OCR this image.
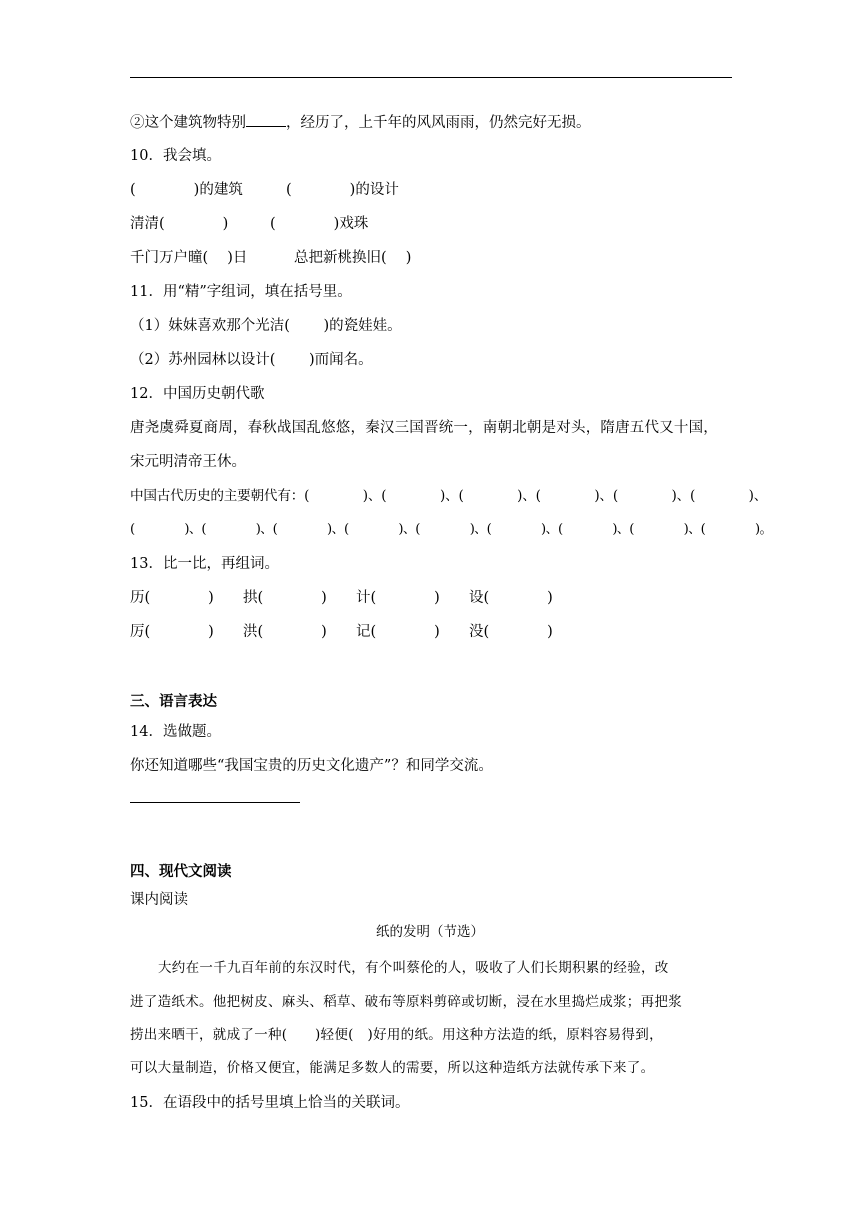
②这个建筑物特别	，经历了，上千年的风风雨雨，仍然完好无损。
10．我会填。
(　　　　)的建筑	(　　　　)的设计
清清(　　　　)	(　　　　)戏珠
千门万户曈(　 )日	总把新桃换旧(　 )
11．用“精”字组词，填在括号里。
（1）妹妹喜欢那个光洁(　　 )的瓷娃娃。
（2）苏州园林以设计(　　 )而闻名。
12．中国历史朝代歌
唐尧虞舜夏商周，春秋战国乱悠悠，秦汉三国晋统一，南朝北朝是对头，隋唐五代又十国，
宋元明清帝王休。
中国古代历史的主要朝代有：(　　　　)、(　　　　)、(　　　　)、(　　　　)、(　　　　)、(　　　　)、
(　　　　)、(　　　　)、(　　　　)、(　　　　)、(　　　　)、(　　　　)、(　　　　)、(　　　　)、(　　　　)。
13．比一比，再组词。
历(　　　　) 拱(　　　　) 计(　　　　) 设(　　　　)
厉(　　　　) 洪(　　　　) 记(　　　　) 没(　　　　)
三、语言表达
14．选做题。
你还知道哪些“我国宝贵的历史文化遗产”？和同学交流。
四、现代文阅读
课内阅读
纸的发明（节选）
大约在一千九百年前的东汉时代，有个叫蔡伦的人，吸收了人们长期积累的经验，改
进了造纸术。他把树皮、麻头、稻草、破布等原料剪碎或切断，浸在水里捣烂成浆；再把浆
捞出来晒干，就成了一种(　　)轻便(　)好用的纸。用这种方法造的纸，原料容易得到，
可以大量制造，价格又便宜，能满足多数人的需要，所以这种造纸方法就传承下来了。
15．在语段中的括号里填上恰当的关联词。
